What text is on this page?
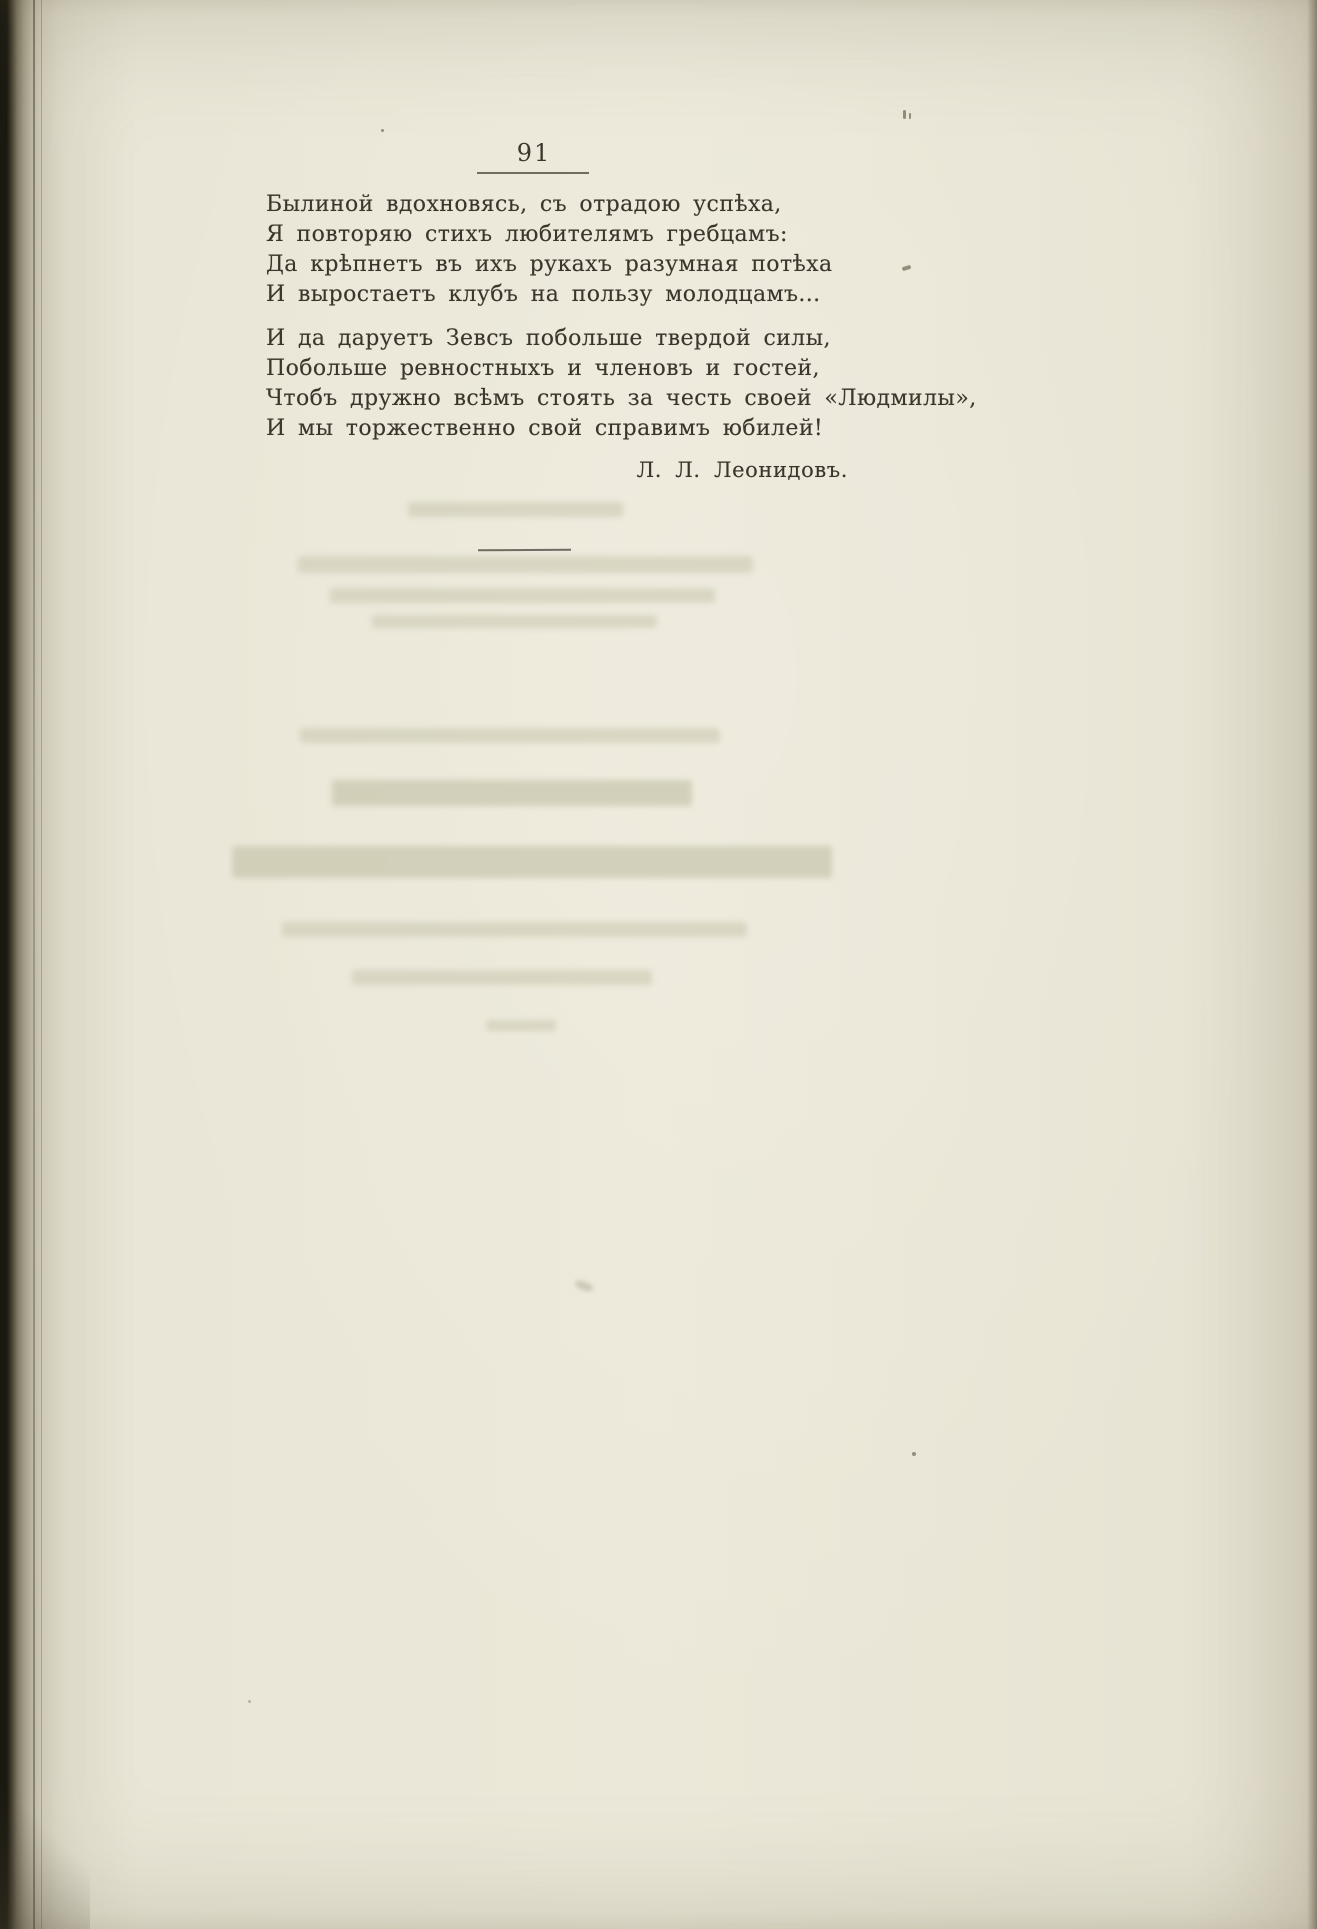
91
Былиной вдохновясь, съ отрадою успѣха,
Я повторяю стихъ любителямъ гребцамъ:
Да крѣпнетъ въ ихъ рукахъ разумная потѣха
И выростаетъ клубъ на пользу молодцамъ...
И да даруетъ Зевсъ побольше твердой силы,
Побольше ревностныхъ и членовъ и гостей,
Чтобъ дружно всѣмъ стоять за честь своей «Людмилы»,
И мы торжественно свой справимъ юбилей!
Л. Л. Леонидовъ.
